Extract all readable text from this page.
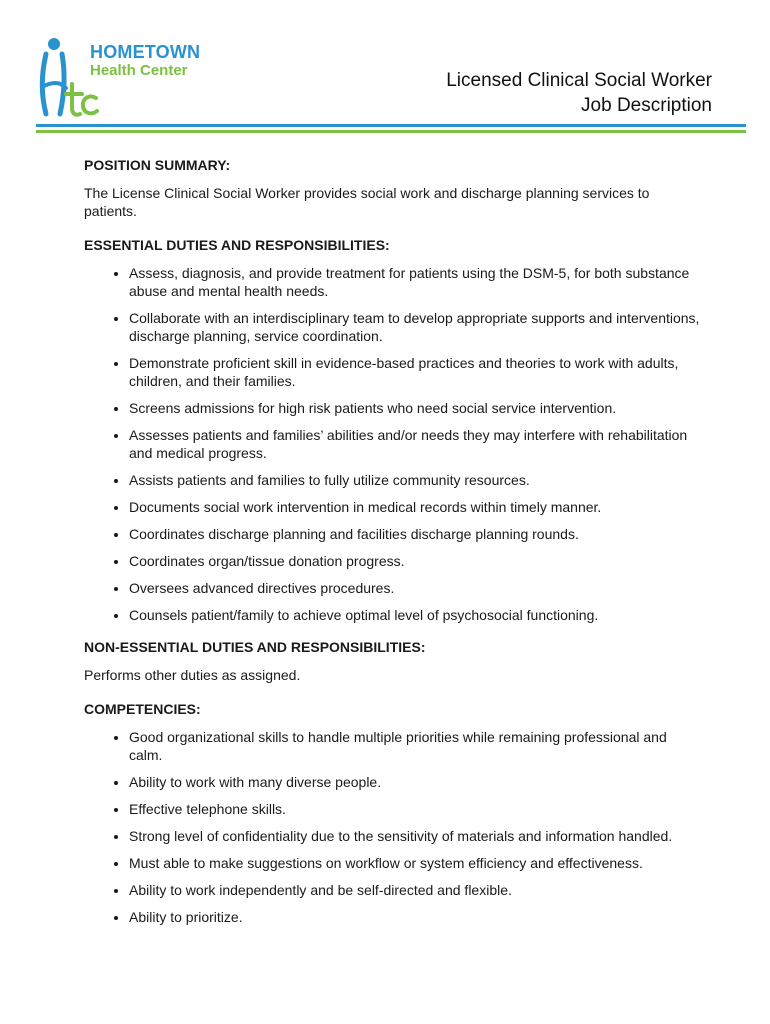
HOMETOWN
Health Center	Licensed Clinical Social Worker
Job Description
POSITION SUMMARY:

The License Clinical Social Worker provides social work and discharge planning services to patients.

ESSENTIAL DUTIES AND RESPONSIBILITIES:
• Assess, diagnosis, and provide treatment for patients using the DSM-5, for both substance abuse and mental health needs.
• Collaborate with an interdisciplinary team to develop appropriate supports and interventions, discharge planning, service coordination.
• Demonstrate proficient skill in evidence-based practices and theories to work with adults, children, and their families.
• Screens admissions for high risk patients who need social service intervention.
• Assesses patients and families’ abilities and/or needs they may interfere with rehabilitation and medical progress.
• Assists patients and families to fully utilize community resources.
• Documents social work intervention in medical records within timely manner.
• Coordinates discharge planning and facilities discharge planning rounds.
• Coordinates organ/tissue donation progress.
• Oversees advanced directives procedures.
• Counsels patient/family to achieve optimal level of psychosocial functioning.
NON-ESSENTIAL DUTIES AND RESPONSIBILITIES:

Performs other duties as assigned.

COMPETENCIES:
• Good organizational skills to handle multiple priorities while remaining professional and calm.
• Ability to work with many diverse people.
• Effective telephone skills.
• Strong level of confidentiality due to the sensitivity of materials and information handled.
• Must able to make suggestions on workflow or system efficiency and effectiveness.
• Ability to work independently and be self-directed and flexible.
• Ability to prioritize.
